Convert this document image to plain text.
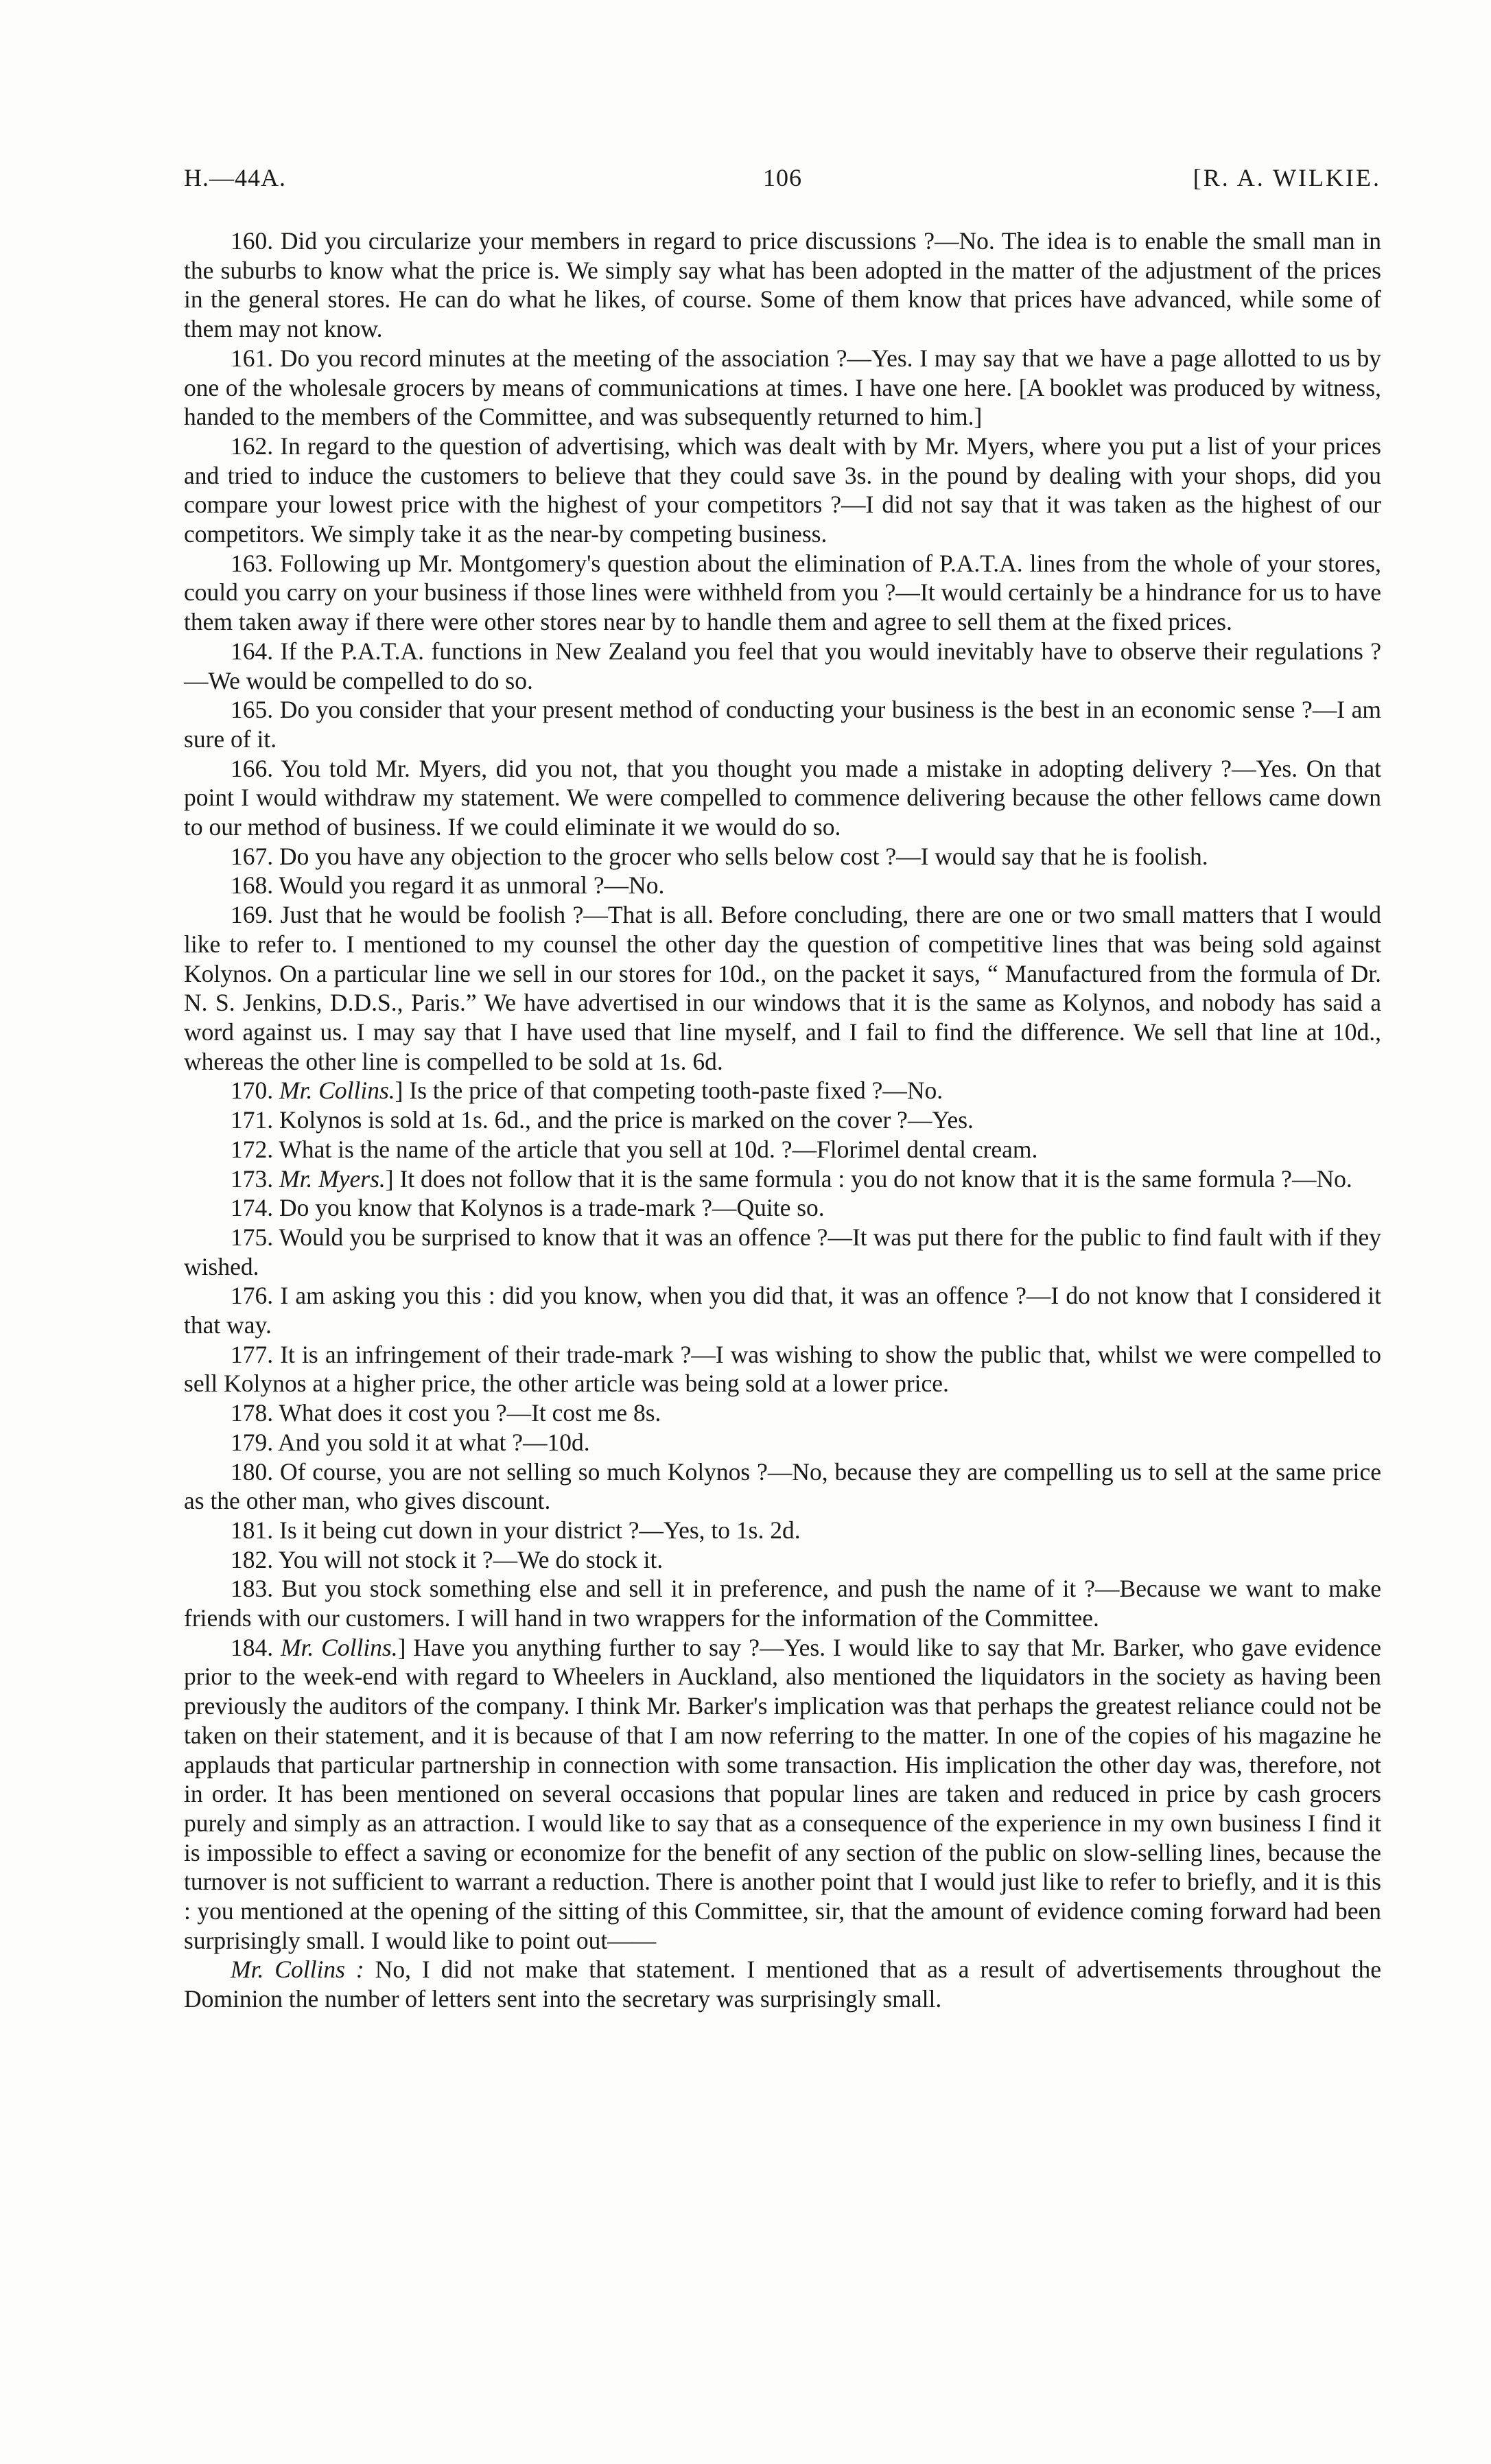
H.—44A.	106	[R. A. WILKIE.

160. Did you circularize your members in regard to price discussions ?—No. The idea is to enable the small man in the suburbs to know what the price is. We simply say what has been adopted in the matter of the adjustment of the prices in the general stores. He can do what he likes, of course. Some of them know that prices have advanced, while some of them may not know.

161. Do you record minutes at the meeting of the association ?—Yes. I may say that we have a page allotted to us by one of the wholesale grocers by means of communications at times. I have one here. [A booklet was produced by witness, handed to the members of the Committee, and was subsequently returned to him.]

162. In regard to the question of advertising, which was dealt with by Mr. Myers, where you put a list of your prices and tried to induce the customers to believe that they could save 3s. in the pound by dealing with your shops, did you compare your lowest price with the highest of your competitors ?—I did not say that it was taken as the highest of our competitors. We simply take it as the near-by competing business.

163. Following up Mr. Montgomery's question about the elimination of P.A.T.A. lines from the whole of your stores, could you carry on your business if those lines were withheld from you ?—It would certainly be a hindrance for us to have them taken away if there were other stores near by to handle them and agree to sell them at the fixed prices.

164. If the P.A.T.A. functions in New Zealand you feel that you would inevitably have to observe their regulations ?—We would be compelled to do so.

165. Do you consider that your present method of conducting your business is the best in an economic sense ?—I am sure of it.

166. You told Mr. Myers, did you not, that you thought you made a mistake in adopting delivery ?—Yes. On that point I would withdraw my statement. We were compelled to commence delivering because the other fellows came down to our method of business. If we could eliminate it we would do so.

167. Do you have any objection to the grocer who sells below cost ?—I would say that he is foolish.

168. Would you regard it as unmoral ?—No.

169. Just that he would be foolish ?—That is all. Before concluding, there are one or two small matters that I would like to refer to. I mentioned to my counsel the other day the question of competitive lines that was being sold against Kolynos. On a particular line we sell in our stores for 10d., on the packet it says, “ Manufactured from the formula of Dr. N. S. Jenkins, D.D.S., Paris.” We have advertised in our windows that it is the same as Kolynos, and nobody has said a word against us. I may say that I have used that line myself, and I fail to find the difference. We sell that line at 10d., whereas the other line is compelled to be sold at 1s. 6d.

170. Mr. Collins.] Is the price of that competing tooth-paste fixed ?—No.

171. Kolynos is sold at 1s. 6d., and the price is marked on the cover ?—Yes.

172. What is the name of the article that you sell at 10d. ?—Florimel dental cream.

173. Mr. Myers.] It does not follow that it is the same formula : you do not know that it is the same formula ?—No.

174. Do you know that Kolynos is a trade-mark ?—Quite so.

175. Would you be surprised to know that it was an offence ?—It was put there for the public to find fault with if they wished.

176. I am asking you this : did you know, when you did that, it was an offence ?—I do not know that I considered it that way.

177. It is an infringement of their trade-mark ?—I was wishing to show the public that, whilst we were compelled to sell Kolynos at a higher price, the other article was being sold at a lower price.

178. What does it cost you ?—It cost me 8s.

179. And you sold it at what ?—10d.

180. Of course, you are not selling so much Kolynos ?—No, because they are compelling us to sell at the same price as the other man, who gives discount.

181. Is it being cut down in your district ?—Yes, to 1s. 2d.

182. You will not stock it ?—We do stock it.

183. But you stock something else and sell it in preference, and push the name of it ?—Because we want to make friends with our customers. I will hand in two wrappers for the information of the Committee.

184. Mr. Collins.] Have you anything further to say ?—Yes. I would like to say that Mr. Barker, who gave evidence prior to the week-end with regard to Wheelers in Auckland, also mentioned the liquidators in the society as having been previously the auditors of the company. I think Mr. Barker's implication was that perhaps the greatest reliance could not be taken on their statement, and it is because of that I am now referring to the matter. In one of the copies of his magazine he applauds that particular partnership in connection with some transaction. His implication the other day was, therefore, not in order. It has been mentioned on several occasions that popular lines are taken and reduced in price by cash grocers purely and simply as an attraction. I would like to say that as a consequence of the experience in my own business I find it is impossible to effect a saving or economize for the benefit of any section of the public on slow-selling lines, because the turnover is not sufficient to warrant a reduction. There is another point that I would just like to refer to briefly, and it is this : you mentioned at the opening of the sitting of this Committee, sir, that the amount of evidence coming forward had been surprisingly small. I would like to point out——

Mr. Collins : No, I did not make that statement. I mentioned that as a result of advertisements throughout the Dominion the number of letters sent into the secretary was surprisingly small.
